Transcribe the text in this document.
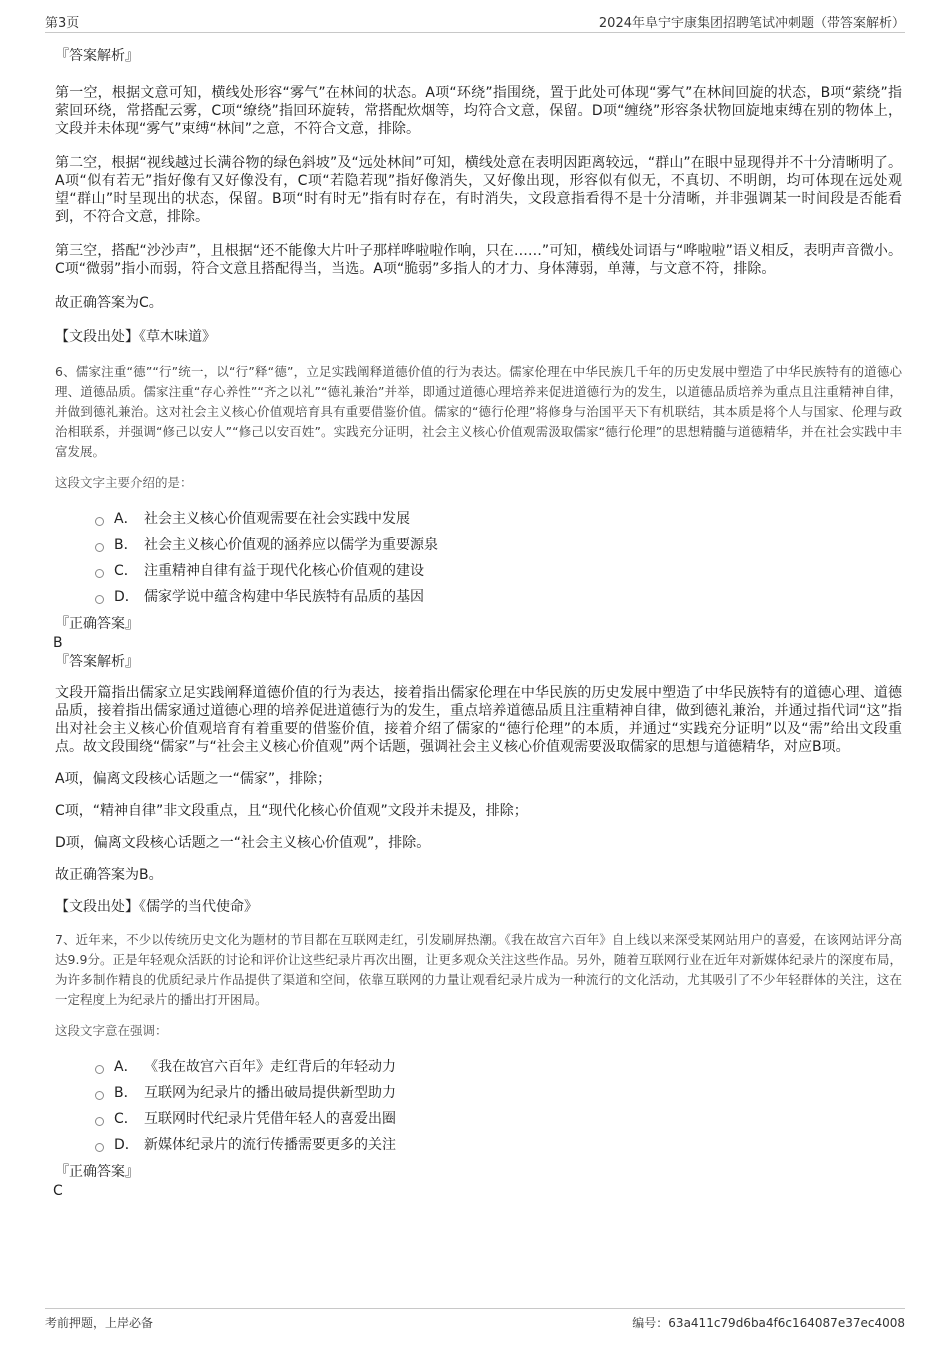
第3页	2024年阜宁宇康集团招聘笔试冲刺题（带答案解析）
『答案解析』

第一空，根据文意可知，横线处形容“雾气”在林间的状态。A项“环绕”指围绕，置于此处可体现“雾气”在林间回旋的状态，B项“萦绕”指萦回环绕，常搭配云雾，C项“缭绕”指回环旋转，常搭配炊烟等，均符合文意，保留。D项“缠绕”形容条状物回旋地束缚在别的物体上，文段并未体现“雾气”束缚“林间”之意，不符合文意，排除。

第二空，根据“视线越过长满谷物的绿色斜坡”及“远处林间”可知，横线处意在表明因距离较远，“群山”在眼中显现得并不十分清晰明了。A项“似有若无”指好像有又好像没有，C项“若隐若现”指好像消失，又好像出现，形容似有似无，不真切、不明朗，均可体现在远处观望“群山”时呈现出的状态，保留。B项“时有时无”指有时存在，有时消失，文段意指看得不是十分清晰，并非强调某一时间段是否能看到，不符合文意，排除。

第三空，搭配“沙沙声”，且根据“还不能像大片叶子那样哗啦啦作响，只在……”可知，横线处词语与“哗啦啦”语义相反，表明声音微小。C项“微弱”指小而弱，符合文意且搭配得当，当选。A项“脆弱”多指人的才力、身体薄弱，单薄，与文意不符，排除。

故正确答案为C。

【文段出处】《草木味道》

6、儒家注重“德”“行”统一，以“行”释“德”，立足实践阐释道德价值的行为表达。儒家伦理在中华民族几千年的历史发展中塑造了中华民族特有的道德心理、道德品质。儒家注重“存心养性”“齐之以礼”“德礼兼治”并举，即通过道德心理培养来促进道德行为的发生，以道德品质培养为重点且注重精神自律，并做到德礼兼治。这对社会主义核心价值观培育具有重要借鉴价值。儒家的“德行伦理”将修身与治国平天下有机联结，其本质是将个人与国家、伦理与政治相联系，并强调“修己以安人”“修己以安百姓”。实践充分证明，社会主义核心价值观需汲取儒家“德行伦理”的思想精髓与道德精华，并在社会实践中丰富发展。

这段文字主要介绍的是：
A． 社会主义核心价值观需要在社会实践中发展
B． 社会主义核心价值观的涵养应以儒学为重要源泉
C． 注重精神自律有益于现代化核心价值观的建设
D． 儒家学说中蕴含构建中华民族特有品质的基因
『正确答案』
B
『答案解析』

文段开篇指出儒家立足实践阐释道德价值的行为表达，接着指出儒家伦理在中华民族的历史发展中塑造了中华民族特有的道德心理、道德品质，接着指出儒家通过道德心理的培养促进道德行为的发生，重点培养道德品质且注重精神自律，做到德礼兼治，并通过指代词“这”指出对社会主义核心价值观培育有着重要的借鉴价值，接着介绍了儒家的“德行伦理”的本质，并通过“实践充分证明”以及“需”给出文段重点。故文段围绕“儒家”与“社会主义核心价值观”两个话题，强调社会主义核心价值观需要汲取儒家的思想与道德精华，对应B项。

A项，偏离文段核心话题之一“儒家”，排除；

C项，“精神自律”非文段重点，且“现代化核心价值观”文段并未提及，排除；

D项，偏离文段核心话题之一“社会主义核心价值观”，排除。

故正确答案为B。

【文段出处】《儒学的当代使命》

7、近年来，不少以传统历史文化为题材的节目都在互联网走红，引发刷屏热潮。《我在故宫六百年》自上线以来深受某网站用户的喜爱，在该网站评分高达9.9分。正是年轻观众活跃的讨论和评价让这些纪录片再次出圈，让更多观众关注这些作品。另外，随着互联网行业在近年对新媒体纪录片的深度布局，为许多制作精良的优质纪录片作品提供了渠道和空间，依靠互联网的力量让观看纪录片成为一种流行的文化活动，尤其吸引了不少年轻群体的关注，这在一定程度上为纪录片的播出打开困局。

这段文字意在强调：
A． 《我在故宫六百年》走红背后的年轻动力
B． 互联网为纪录片的播出破局提供新型助力
C． 互联网时代纪录片凭借年轻人的喜爱出圈
D． 新媒体纪录片的流行传播需要更多的关注
『正确答案』
C
考前押题，上岸必备	编号：63a411c79d6ba4f6c164087e37ec4008
